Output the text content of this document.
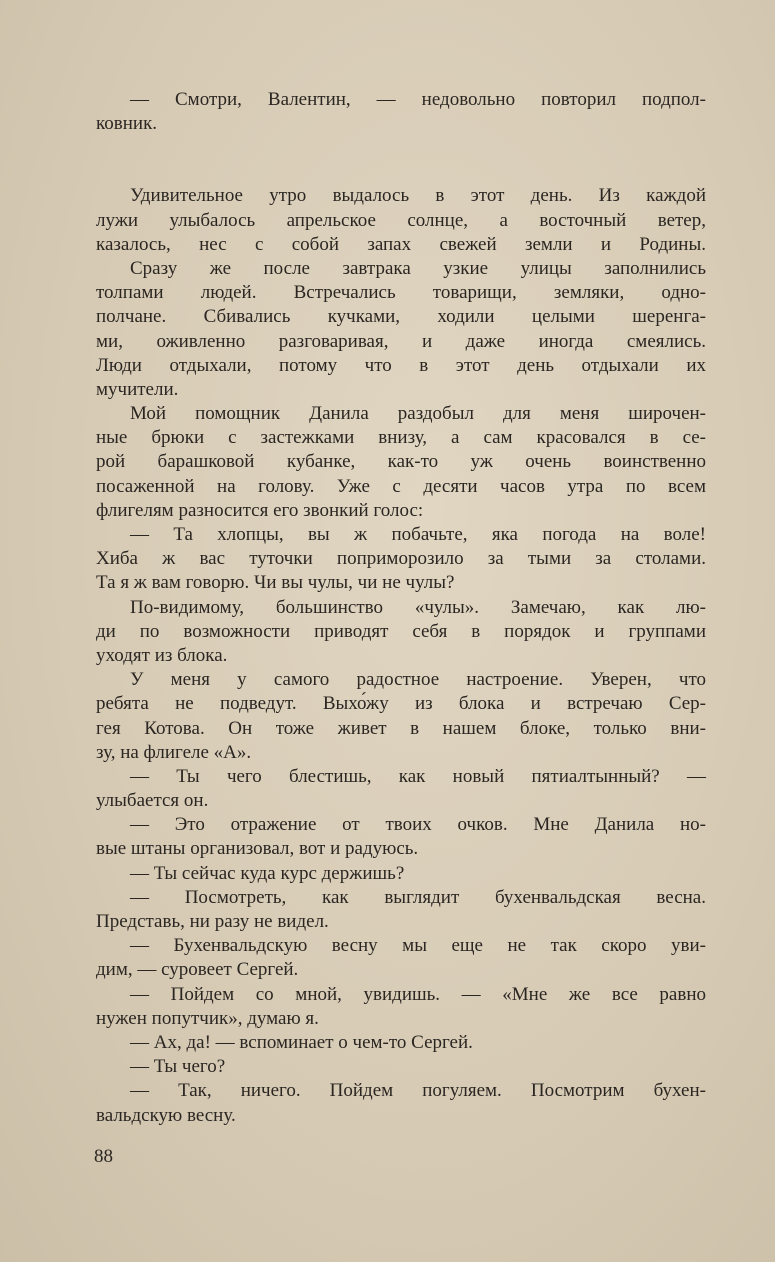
— Смотри, Валентин, — недовольно повторил подпол-
ковник.
Удивительное утро выдалось в этот день. Из каждой
лужи улыбалось апрельское солнце, а восточный ветер,
казалось, нес с собой запах свежей земли и Родины.
Сразу же после завтрака узкие улицы заполнились
толпами людей. Встречались товарищи, земляки, одно-
полчане. Сбивались кучками, ходили целыми шеренга-
ми, оживленно разговаривая, и даже иногда смеялись.
Люди отдыхали, потому что в этот день отдыхали их
мучители.
Мой помощник Данила раздобыл для меня широчен-
ные брюки с застежками внизу, а сам красовался в се-
рой барашковой кубанке, как-то уж очень воинственно
посаженной на голову. Уже с десяти часов утра по всем
флигелям разносится его звонкий голос:
— Та хлопцы, вы ж побачьте, яка погода на воле!
Хиба ж вас туточки поприморозило за тыми за столами.
Та я ж вам говорю. Чи вы чулы, чи не чулы?
По-видимому, большинство «чулы». Замечаю, как лю-
ди по возможности приводят себя в порядок и группами
уходят из блока.
У меня у самого радостное настроение. Уверен, что
ребята не подведут. Выхо́жу из блока и встречаю Сер-
гея Котова. Он тоже живет в нашем блоке, только вни-
зу, на флигеле «А».
— Ты чего блестишь, как новый пятиалтынный? —
улыбается он.
— Это отражение от твоих очков. Мне Данила но-
вые штаны организовал, вот и радуюсь.
— Ты сейчас куда курс держишь?
— Посмотреть, как выглядит бухенвальдская весна.
Представь, ни разу не видел.
— Бухенвальдскую весну мы еще не так скоро уви-
дим, — суровеет Сергей.
— Пойдем со мной, увидишь. — «Мне же все равно
нужен попутчик», думаю я.
— Ах, да! — вспоминает о чем-то Сергей.
— Ты чего?
— Так, ничего. Пойдем погуляем. Посмотрим бухен-
вальдскую весну.
88
